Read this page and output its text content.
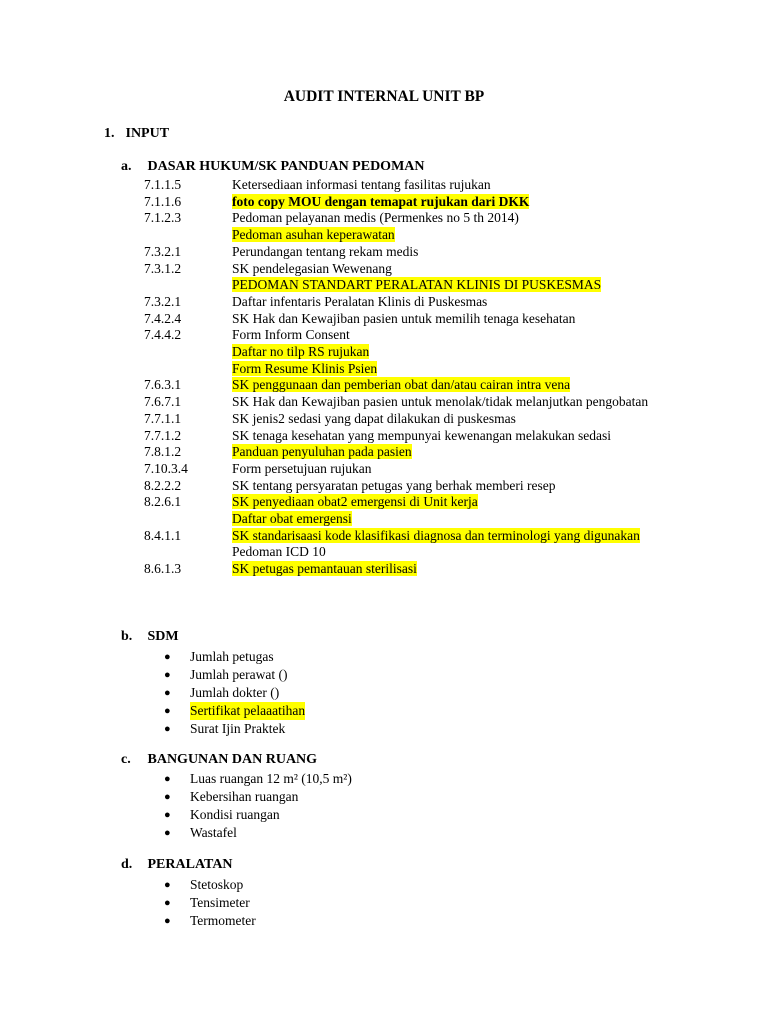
AUDIT INTERNAL UNIT BP
1. INPUT
a. DASAR HUKUM/SK PANDUAN PEDOMAN
7.1.1.5	Ketersediaan informasi tentang fasilitas rujukan
7.1.1.6	foto copy MOU dengan temapat rujukan dari DKK
7.1.2.3	Pedoman pelayanan medis (Permenkes no 5 th 2014)
Pedoman asuhan keperawatan
7.3.2.1	Perundangan tentang rekam medis
7.3.1.2	SK pendelegasian Wewenang
PEDOMAN STANDART PERALATAN KLINIS DI PUSKESMAS
7.3.2.1	Daftar infentaris Peralatan Klinis di Puskesmas
7.4.2.4	SK Hak dan Kewajiban pasien untuk memilih tenaga kesehatan
7.4.4.2	Form Inform Consent
Daftar no tilp RS rujukan
Form Resume Klinis Psien
7.6.3.1	SK penggunaan dan pemberian obat dan/atau cairan intra vena
7.6.7.1	SK Hak dan Kewajiban pasien untuk menolak/tidak melanjutkan pengobatan
7.7.1.1	SK jenis2 sedasi yang dapat dilakukan di puskesmas
7.7.1.2	SK tenaga kesehatan yang mempunyai kewenangan melakukan sedasi
7.8.1.2	Panduan penyuluhan pada pasien
7.10.3.4	Form persetujuan rujukan
8.2.2.2	SK tentang persyaratan petugas yang berhak memberi resep
8.2.6.1	SK penyediaan obat2 emergensi di Unit kerja
Daftar obat emergensi
8.4.1.1	SK standarisaasi kode klasifikasi diagnosa dan terminologi yang digunakan
Pedoman ICD 10
8.6.1.3	SK petugas pemantauan sterilisasi
b. SDM
●	Jumlah petugas
●	Jumlah perawat ()
●	Jumlah dokter ()
●	Sertifikat pelaaatihan
●	Surat Ijin Praktek
c. BANGUNAN DAN RUANG
●	Luas ruangan 12 m² (10,5 m²)
●	Kebersihan ruangan
●	Kondisi ruangan
●	Wastafel
d. PERALATAN
●	Stetoskop
●	Tensimeter
●	Termometer
